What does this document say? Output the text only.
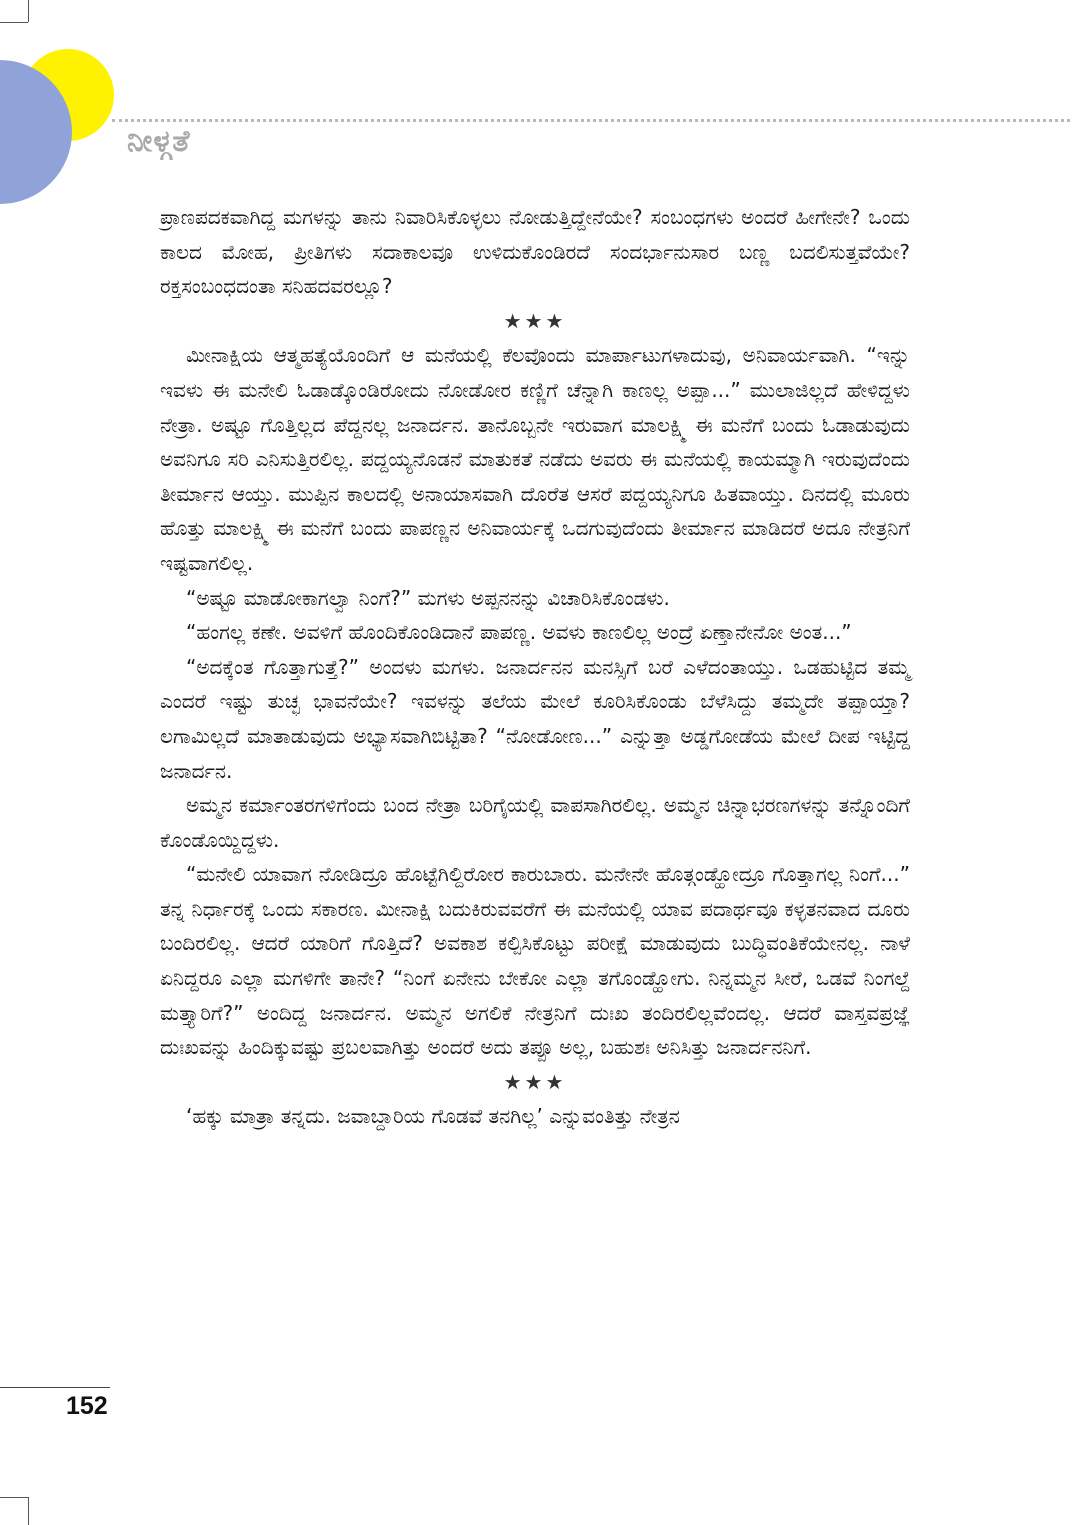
ನೀಳ್ಗತೆ

ಪ್ರಾಣಪದಕವಾಗಿದ್ದ ಮಗಳನ್ನು ತಾನು ನಿವಾರಿಸಿಕೊಳ್ಳಲು ನೋಡುತ್ತಿದ್ದೇನೆಯೇ? ಸಂಬಂಧಗಳು ಅಂದರೆ ಹೀಗೇನೇ? ಒಂದು ಕಾಲದ ಮೋಹ, ಪ್ರೀತಿಗಳು ಸದಾಕಾಲವೂ ಉಳಿದುಕೊಂಡಿರದೆ ಸಂದರ್ಭಾನುಸಾರ ಬಣ್ಣ ಬದಲಿಸುತ್ತವೆಯೇ? ರಕ್ತಸಂಬಂಧದಂತಾ ಸನಿಹದವರಲ್ಲೂ?

★★★

ಮೀನಾಕ್ಷಿಯ ಆತ್ಮಹತ್ಯೆಯೊಂದಿಗೆ ಆ ಮನೆಯಲ್ಲಿ ಕೆಲವೊಂದು ಮಾರ್ಪಾಟುಗಳಾದುವು, ಅನಿವಾರ್ಯವಾಗಿ. “ಇನ್ನು ಇವಳು ಈ ಮನೇಲಿ ಓಡಾಡ್ಕೊಂಡಿರೋದು ನೋಡೋರ ಕಣ್ಣಿಗೆ ಚೆನ್ನಾಗಿ ಕಾಣಲ್ಲ ಅಪ್ಪಾ...” ಮುಲಾಜಿಲ್ಲದೆ ಹೇಳಿದ್ದಳು ನೇತ್ರಾ. ಅಷ್ಟೂ ಗೊತ್ತಿಲ್ಲದ ಪೆದ್ದನಲ್ಲ ಜನಾರ್ದನ. ತಾನೊಬ್ಬನೇ ಇರುವಾಗ ಮಾಲಕ್ಷ್ಮಿ ಈ ಮನೆಗೆ ಬಂದು ಓಡಾಡುವುದು ಅವನಿಗೂ ಸರಿ ಎನಿಸುತ್ತಿರಲಿಲ್ಲ. ಪದ್ದಯ್ಯನೊಡನೆ ಮಾತುಕತೆ ನಡೆದು ಅವರು ಈ ಮನೆಯಲ್ಲಿ ಕಾಯಮ್ಮಾಗಿ ಇರುವುದೆಂದು ತೀರ್ಮಾನ ಆಯ್ತು. ಮುಪ್ಪಿನ ಕಾಲದಲ್ಲಿ ಅನಾಯಾಸವಾಗಿ ದೊರೆತ ಆಸರೆ ಪದ್ದಯ್ಯನಿಗೂ ಹಿತವಾಯ್ತು. ದಿನದಲ್ಲಿ ಮೂರು ಹೊತ್ತು ಮಾಲಕ್ಷ್ಮಿ ಈ ಮನೆಗೆ ಬಂದು ಪಾಪಣ್ಣನ ಅನಿವಾರ್ಯಕ್ಕೆ ಒದಗುವುದೆಂದು ತೀರ್ಮಾನ ಮಾಡಿದರೆ ಅದೂ ನೇತ್ರನಿಗೆ ಇಷ್ಟವಾಗಲಿಲ್ಲ.

“ಅಷ್ಟೂ ಮಾಡೋಕಾಗಲ್ವಾ ನಿಂಗೆ?” ಮಗಳು ಅಪ್ಪನನನ್ನು ವಿಚಾರಿಸಿಕೊಂಡಳು.

“ಹಂಗಲ್ಲ ಕಣೇ. ಅವಳಿಗೆ ಹೊಂದಿಕೊಂಡಿದಾನೆ ಪಾಪಣ್ಣ. ಅವಳು ಕಾಣಲಿಲ್ಲ ಅಂದ್ರೆ ಏಣ್ತಾನೇನೋ ಅಂತ...”

“ಅದಕ್ಕೆಂತ ಗೊತ್ತಾಗುತ್ತೆ?” ಅಂದಳು ಮಗಳು. ಜನಾರ್ದನನ ಮನಸ್ಸಿಗೆ ಬರೆ ಎಳೆದಂತಾಯ್ತು. ಒಡಹುಟ್ಟಿದ ತಮ್ಮ ಎಂದರೆ ಇಷ್ಟು ತುಚ್ಛ ಭಾವನೆಯೇ? ಇವಳನ್ನು ತಲೆಯ ಮೇಲೆ ಕೂರಿಸಿಕೊಂಡು ಬೆಳೆಸಿದ್ದು ತಮ್ಮದೇ ತಪ್ಪಾಯ್ತಾ? ಲಗಾಮಿಲ್ಲದೆ ಮಾತಾಡುವುದು ಅಭ್ಯಾಸವಾಗಿಬಿಟ್ಟಿತಾ? “ನೋಡೋಣ...” ಎನ್ನುತ್ತಾ ಅಡ್ಡಗೋಡೆಯ ಮೇಲೆ ದೀಪ ಇಟ್ಟಿದ್ದ ಜನಾರ್ದನ.

ಅಮ್ಮನ ಕರ್ಮಾಂತರಗಳಿಗೆಂದು ಬಂದ ನೇತ್ರಾ ಬರಿಗೈಯಲ್ಲಿ ವಾಪಸಾಗಿರಲಿಲ್ಲ. ಅಮ್ಮನ ಚಿನ್ನಾಭರಣಗಳನ್ನು ತನ್ನೊಂದಿಗೆ ಕೊಂಡೊಯ್ದಿದ್ದಳು.

“ಮನೇಲಿ ಯಾವಾಗ ನೋಡಿದ್ರೂ ಹೊಟ್ಟೆಗಿಲ್ದಿರೋರ ಕಾರುಬಾರು. ಮನೇನೇ ಹೊತ್ಗಂಡ್ಹೋದ್ರೂ ಗೊತ್ತಾಗಲ್ಲ ನಿಂಗೆ...” ತನ್ನ ನಿರ್ಧಾರಕ್ಕೆ ಒಂದು ಸಕಾರಣ. ಮೀನಾಕ್ಷಿ ಬದುಕಿರುವವರೆಗೆ ಈ ಮನೆಯಲ್ಲಿ ಯಾವ ಪದಾರ್ಥವೂ ಕಳ್ಳತನವಾದ ದೂರು ಬಂದಿರಲಿಲ್ಲ. ಆದರೆ ಯಾರಿಗೆ ಗೊತ್ತಿದೆ? ಅವಕಾಶ ಕಲ್ಪಿಸಿಕೊಟ್ಟು ಪರೀಕ್ಷೆ ಮಾಡುವುದು ಬುದ್ಧಿವಂತಿಕೆಯೇನಲ್ಲ. ನಾಳೆ ಏನಿದ್ದರೂ ಎಲ್ಲಾ ಮಗಳಿಗೇ ತಾನೇ? “ನಿಂಗೆ ಏನೇನು ಬೇಕೋ ಎಲ್ಲಾ ತಗೊಂಡ್ಹೋಗು. ನಿನ್ನಮ್ಮನ ಸೀರೆ, ಒಡವೆ ನಿಂಗಲ್ದೆ ಮತ್ತ್ಯಾರಿಗೆ?” ಅಂದಿದ್ದ ಜನಾರ್ದನ. ಅಮ್ಮನ ಅಗಲಿಕೆ ನೇತ್ರನಿಗೆ ದುಃಖ ತಂದಿರಲಿಲ್ಲವೆಂದಲ್ಲ. ಆದರೆ ವಾಸ್ತವಪ್ರಜ್ಞೆ ದುಃಖವನ್ನು ಹಿಂದಿಕ್ಕುವಷ್ಟು ಪ್ರಬಲವಾಗಿತ್ತು ಅಂದರೆ ಅದು ತಪ್ಪೂ ಅಲ್ಲ, ಬಹುಶಃ ಅನಿಸಿತ್ತು ಜನಾರ್ದನನಿಗೆ.

★★★

‘ಹಕ್ಕು ಮಾತ್ರಾ ತನ್ನದು. ಜವಾಬ್ದಾರಿಯ ಗೊಡವೆ ತನಗಿಲ್ಲ’ ಎನ್ನುವಂತಿತ್ತು ನೇತ್ರನ

152
